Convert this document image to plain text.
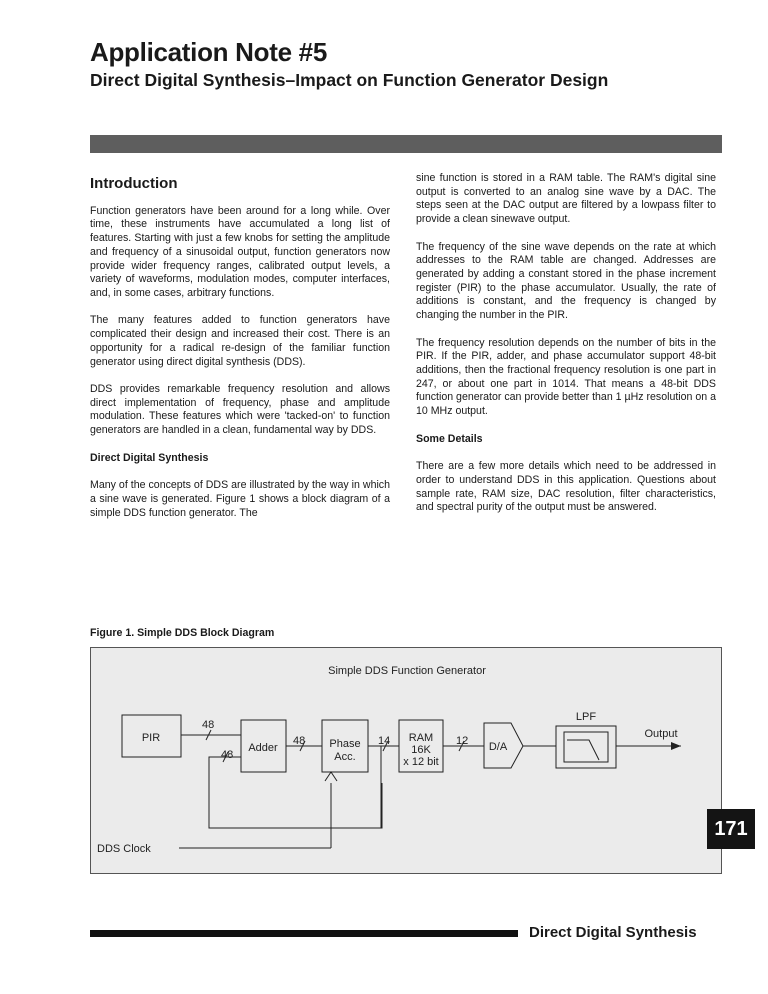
Application Note #5
Direct Digital Synthesis–Impact on Function Generator Design
Introduction

Function generators have been around for a long while. Over time, these instruments have accumulated a long list of features. Starting with just a few knobs for setting the amplitude and frequency of a sinusoidal output, function generators now provide wider frequency ranges, calibrated output levels, a variety of waveforms, modulation modes, computer interfaces, and, in some cases, arbitrary functions.

The many features added to function generators have complicated their design and increased their cost. There is an opportunity for a radical re-design of the familiar function generator using direct digital synthesis (DDS).

DDS provides remarkable frequency resolution and allows direct implementation of frequency, phase and amplitude modulation. These features which were 'tacked-on' to function generators are handled in a clean, fundamental way by DDS.

Direct Digital Synthesis

Many of the concepts of DDS are illustrated by the way in which a sine wave is generated. Figure 1 shows a block diagram of a simple DDS function generator. The

sine function is stored in a RAM table. The RAM's digital sine output is converted to an analog sine wave by a DAC. The steps seen at the DAC output are filtered by a lowpass filter to provide a clean sinewave output.

The frequency of the sine wave depends on the rate at which addresses to the RAM table are changed. Addresses are generated by adding a constant stored in the phase increment register (PIR) to the phase accumulator. Usually, the rate of additions is constant, and the frequency is changed by changing the number in the PIR.

The frequency resolution depends on the number of bits in the PIR. If the PIR, adder, and phase accumulator support 48-bit additions, then the fractional frequency resolution is one part in 247, or about one part in 1014. That means a 48-bit DDS function generator can provide better than 1 µHz resolution on a 10 MHz output.

Some Details

There are a few more details which need to be addressed in order to understand DDS in this application. Questions about sample rate, RAM size, DAC resolution, filter characteristics, and spectral purity of the output must be answered.

Figure 1. Simple DDS Block Diagram

Simple DDS Function Generator
PIR
Adder	Phase
Acc.
RAM
16K
x 12 bit
D/A
LPF
Output
DDS Clock
48
48
48	14	12
171

Direct Digital Synthesis
